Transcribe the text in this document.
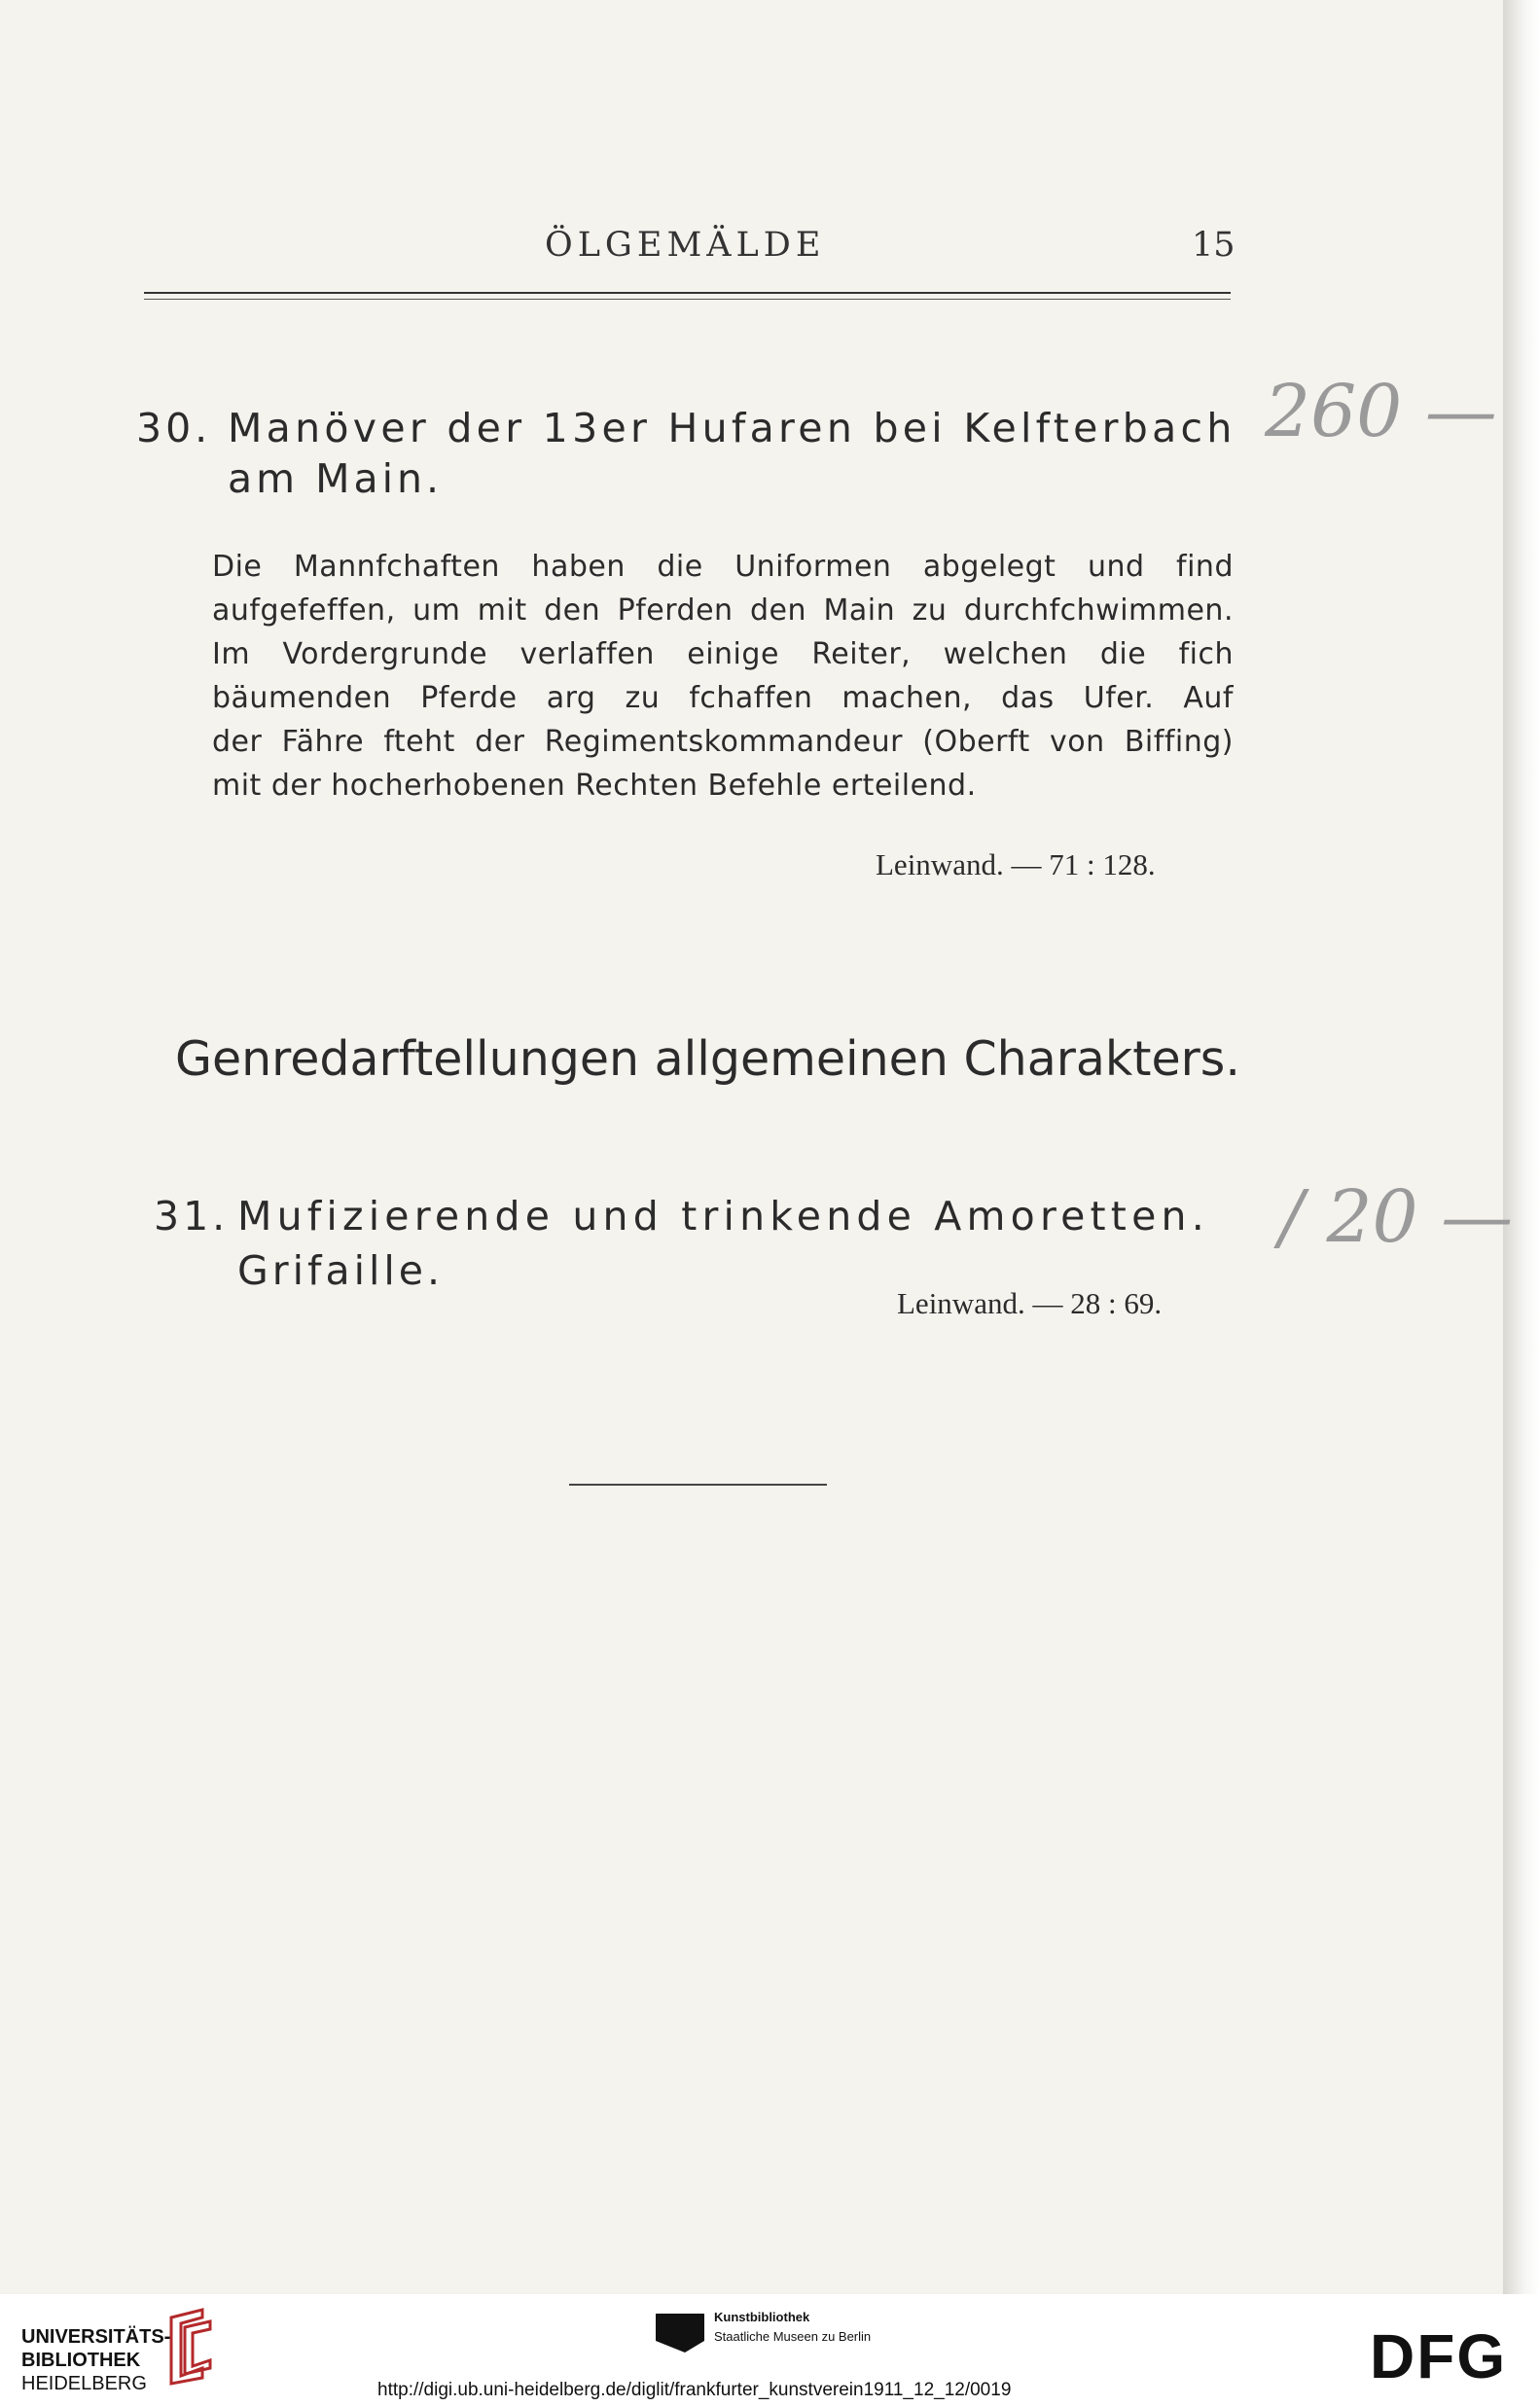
ÖLGEMÄLDE	15
30. Manöver der 13er Hufaren bei Kelfterbach
am Main.
260 —
Die Mannfchaften haben die Uniformen abgelegt und find
aufgefeffen, um mit den Pferden den Main zu durchfchwimmen.
Im Vordergrunde verlaffen einige Reiter, welchen die fich
bäumenden Pferde arg zu fchaffen machen, das Ufer. Auf
der Fähre fteht der Regimentskommandeur (Oberft von Biffing)
mit der hocherhobenen Rechten Befehle erteilend.
Leinwand. — 71 : 128.
Genredarftellungen allgemeinen Charakters.
31. Mufizierende und trinkende Amoretten.
Grifaille.
Leinwand. — 28 : 69.
/ 20 —
UNIVERSITÄTS-
BIBLIOTHEK
HEIDELBERG
Kunstbibliothek
Staatliche Museen zu Berlin	DFG
http://digi.ub.uni-heidelberg.de/diglit/frankfurter_kunstverein1911_12_12/0019
